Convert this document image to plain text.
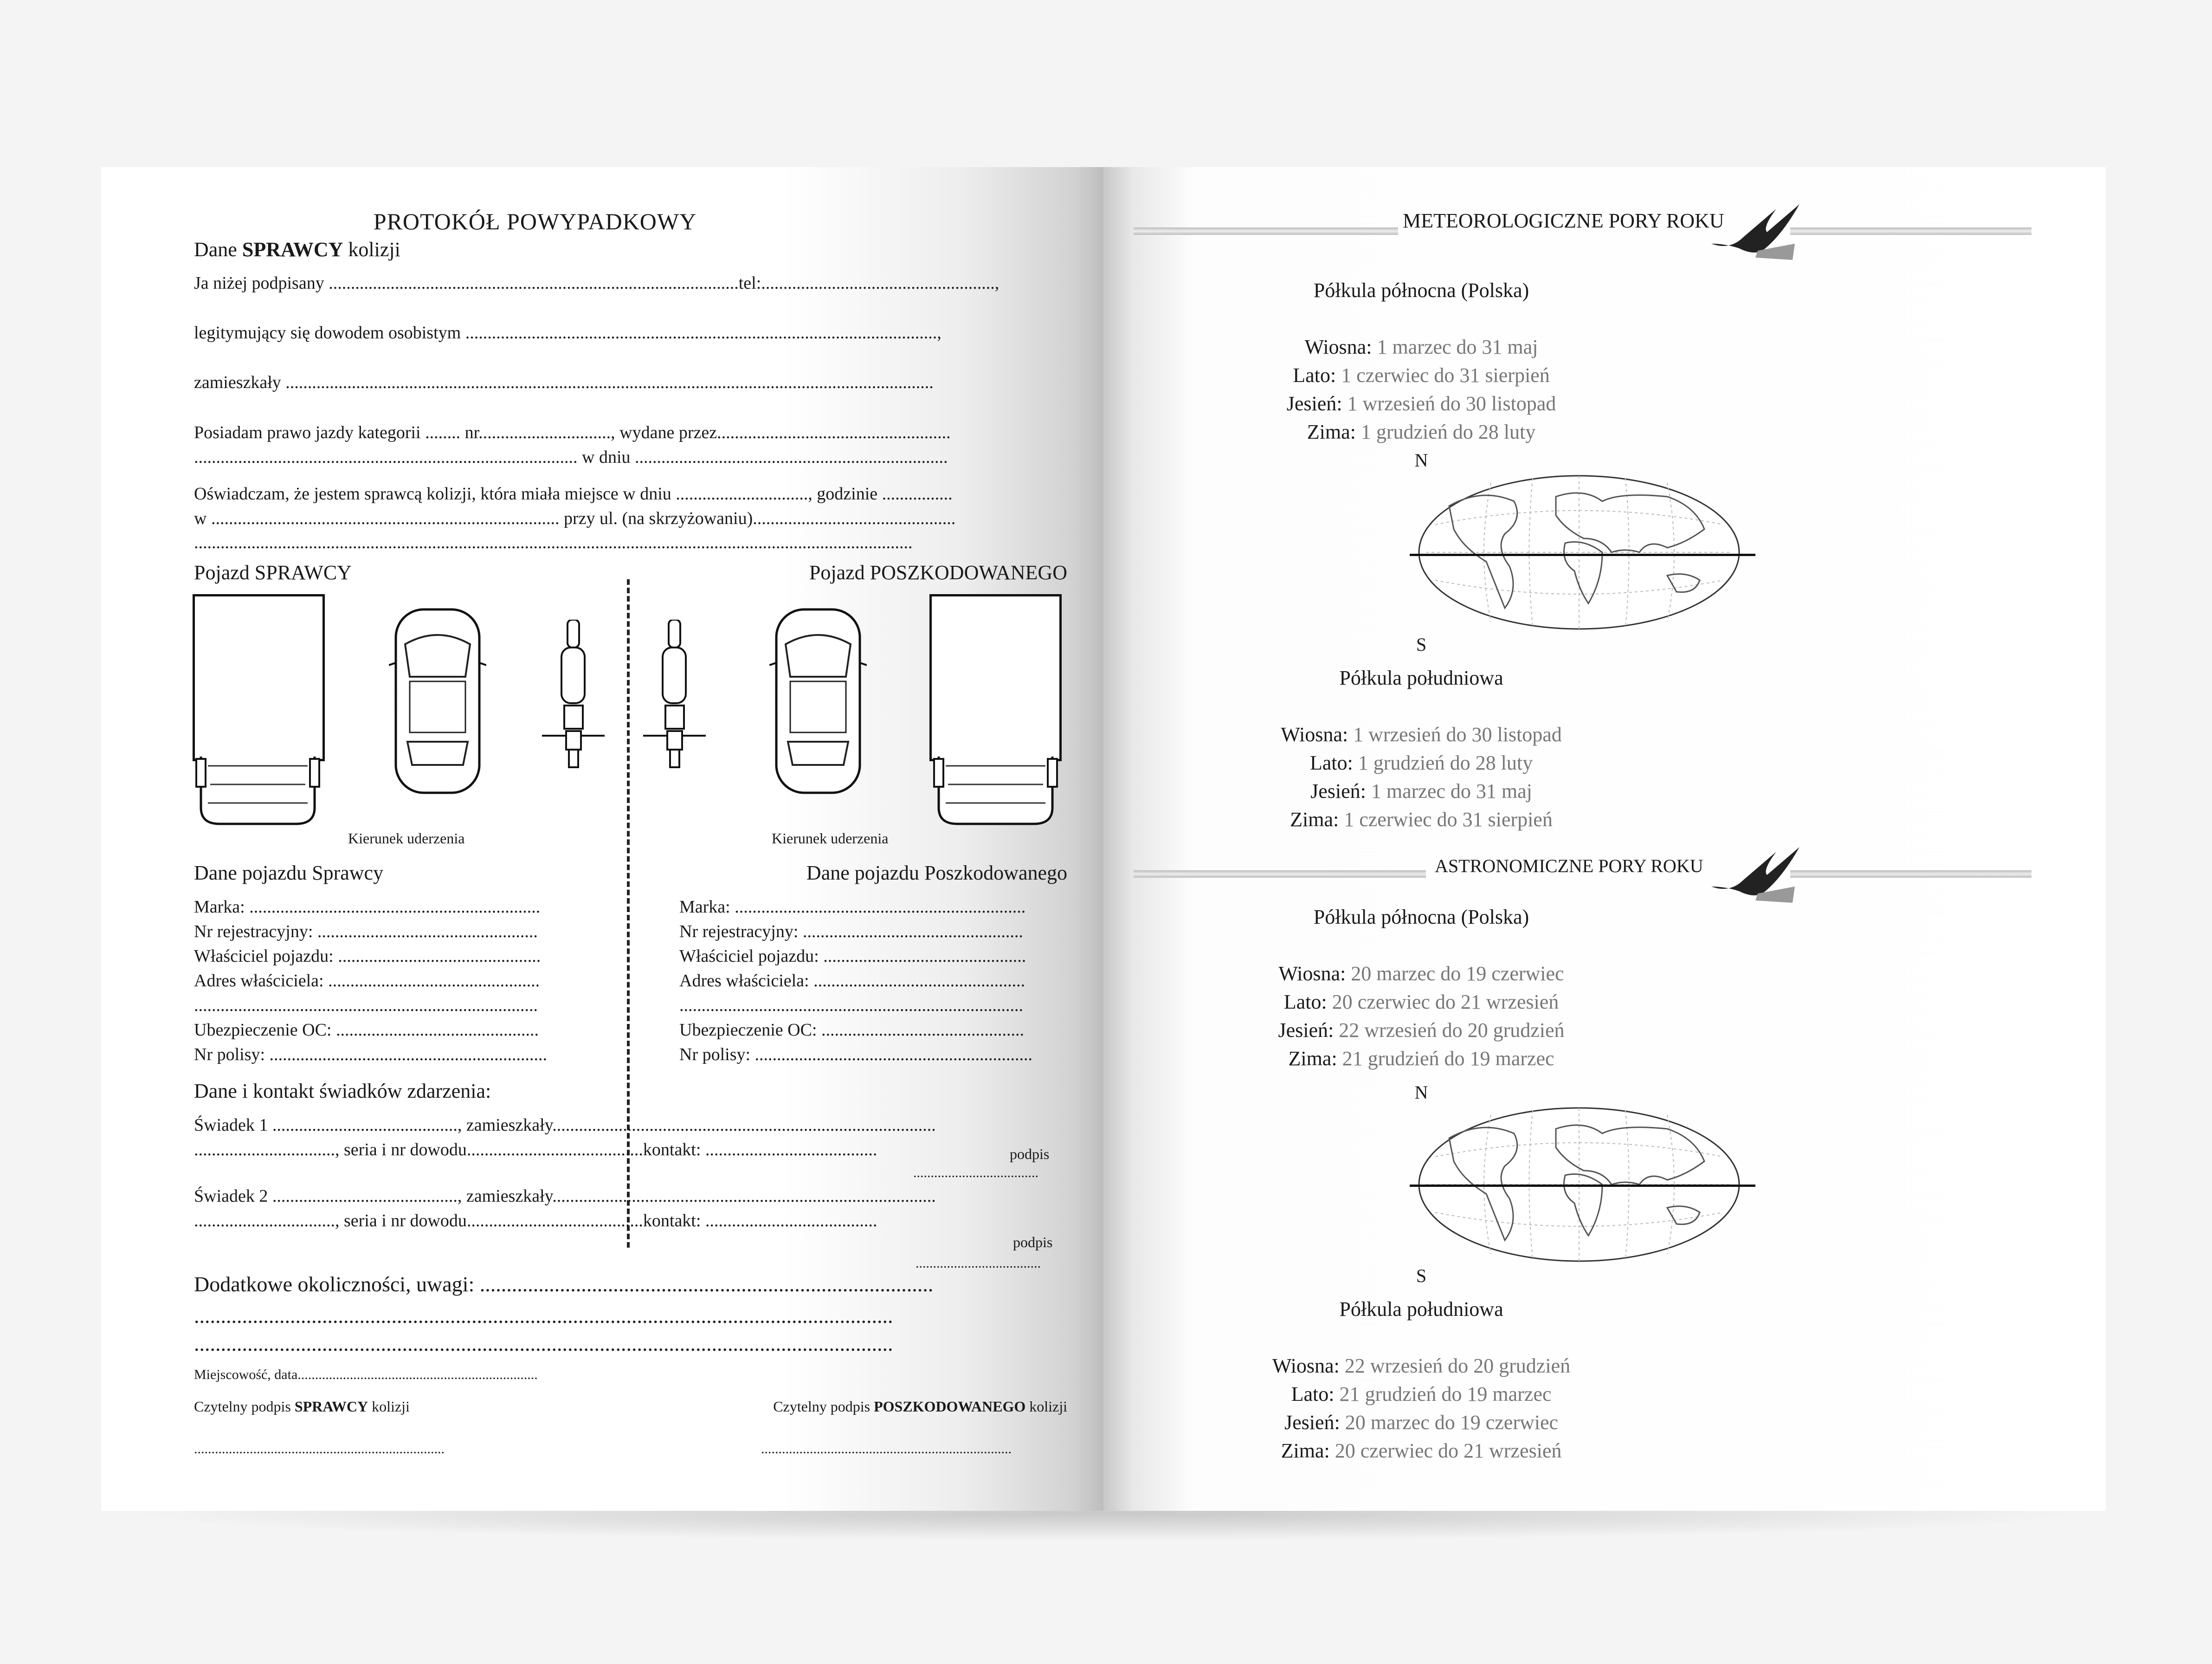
PROTOKÓŁ POWYPADKOWY
Dane SPRAWCY kolizji
Ja niżej podpisany .............................................................................................tel:.....................................................,
legitymujący się dowodem osobistym ...........................................................................................................,
zamieszkały ...................................................................................................................................................
Posiadam prawo jazdy kategorii ........ nr.............................., wydane przez.....................................................
....................................................................................... w dniu .......................................................................
Oświadczam, że jestem sprawcą kolizji, która miała miejsce w dniu .............................., godzinie ................
w ............................................................................... przy ul. (na skrzyżowaniu)..............................................
...................................................................................................................................................................
Pojazd SPRAWCY	Pojazd POSZKODOWANEGO
Kierunek uderzenia	Kierunek uderzenia
Dane pojazdu Sprawcy	Dane pojazdu Poszkodowanego
Marka: ..................................................................
Nr rejestracyjny: ..................................................
Właściciel pojazdu: ..............................................
Adres właściciela: ................................................
..............................................................................
Ubezpieczenie OC: ..............................................
Nr polisy: ...............................................................
Marka: ..................................................................
Nr rejestracyjny: ..................................................
Właściciel pojazdu: ..............................................
Adres właściciela: ................................................
..............................................................................
Ubezpieczenie OC: ..............................................
Nr polisy: ...............................................................
Dane i kontakt świadków zdarzenia:
Świadek 1 .........................................., zamieszkały.......................................................................................
................................, seria i nr dowodu........................................kontakt: .......................................	podpis
....................................
Świadek 2 .........................................., zamieszkały.......................................................................................
................................, seria i nr dowodu........................................kontakt: .......................................
podpis
....................................
Dodatkowe okoliczności, uwagi: .....................................................................................
...................................................................................................................................
...................................................................................................................................
Miejscowość, data.....................................................................
Czytelny podpis SPRAWCY kolizji	Czytelny podpis POSZKODOWANEGO kolizji
........................................................................	........................................................................
METEOROLOGICZNE PORY ROKU
Półkula północna (Polska)
Wiosna: 1 marzec do 31 maj
Lato: 1 czerwiec do 31 sierpień
Jesień: 1 wrzesień do 30 listopad
Zima: 1 grudzień do 28 luty
N
S
Półkula południowa
Wiosna: 1 wrzesień do 30 listopad
Lato: 1 grudzień do 28 luty
Jesień: 1 marzec do 31 maj
Zima: 1 czerwiec do 31 sierpień
ASTRONOMICZNE PORY ROKU
Półkula północna (Polska)
Wiosna: 20 marzec do 19 czerwiec
Lato: 20 czerwiec do 21 wrzesień
Jesień: 22 wrzesień do 20 grudzień
Zima: 21 grudzień do 19 marzec
N
S
Półkula południowa
Wiosna: 22 wrzesień do 20 grudzień
Lato: 21 grudzień do 19 marzec
Jesień: 20 marzec do 19 czerwiec
Zima: 20 czerwiec do 21 wrzesień
